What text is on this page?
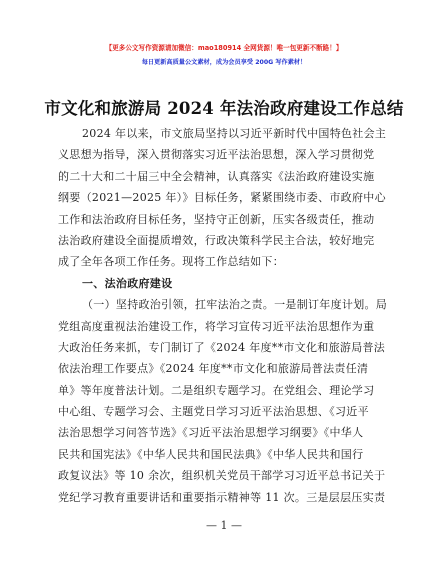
【更多公文写作资源请加微信：mao180914 全网货源！唯一包更新不断路！】
每日更新高质量公文素材，成为会员享受 200G 写作素材！
市文化和旅游局 2024 年法治政府建设工作总结
2024 年以来，市文旅局坚持以习近平新时代中国特色社会主
义思想为指导，深入贯彻落实习近平法治思想，深入学习贯彻党
的二十大和二十届三中全会精神，认真落实《法治政府建设实施
纲要（2021—2025 年）》目标任务，紧紧围绕市委、市政府中心
工作和法治政府目标任务，坚持守正创新，压实各级责任，推动
法治政府建设全面提质增效，行政决策科学民主合法，较好地完
成了全年各项工作任务。现将工作总结如下：
一、法治政府建设
（一）坚持政治引领，扛牢法治之责。一是制订年度计划。局
党组高度重视法治建设工作，将学习宣传习近平法治思想作为重
大政治任务来抓，专门制订了《2024 年度**市文化和旅游局普法
依法治理工作要点》《2024 年度**市文化和旅游局普法责任清
单》等年度普法计划。二是组织专题学习。在党组会、理论学习
中心组、专题学习会、主题党日学习习近平法治思想、《习近平
法治思想学习问答节选》《习近平法治思想学习纲要》《中华人
民共和国宪法》《中华人民共和国民法典》《中华人民共和国行
政复议法》等 10 余次，组织机关党员干部学习习近平总书记关于
党纪学习教育重要讲话和重要指示精神等 11 次。三是层层压实责
— 1 —
